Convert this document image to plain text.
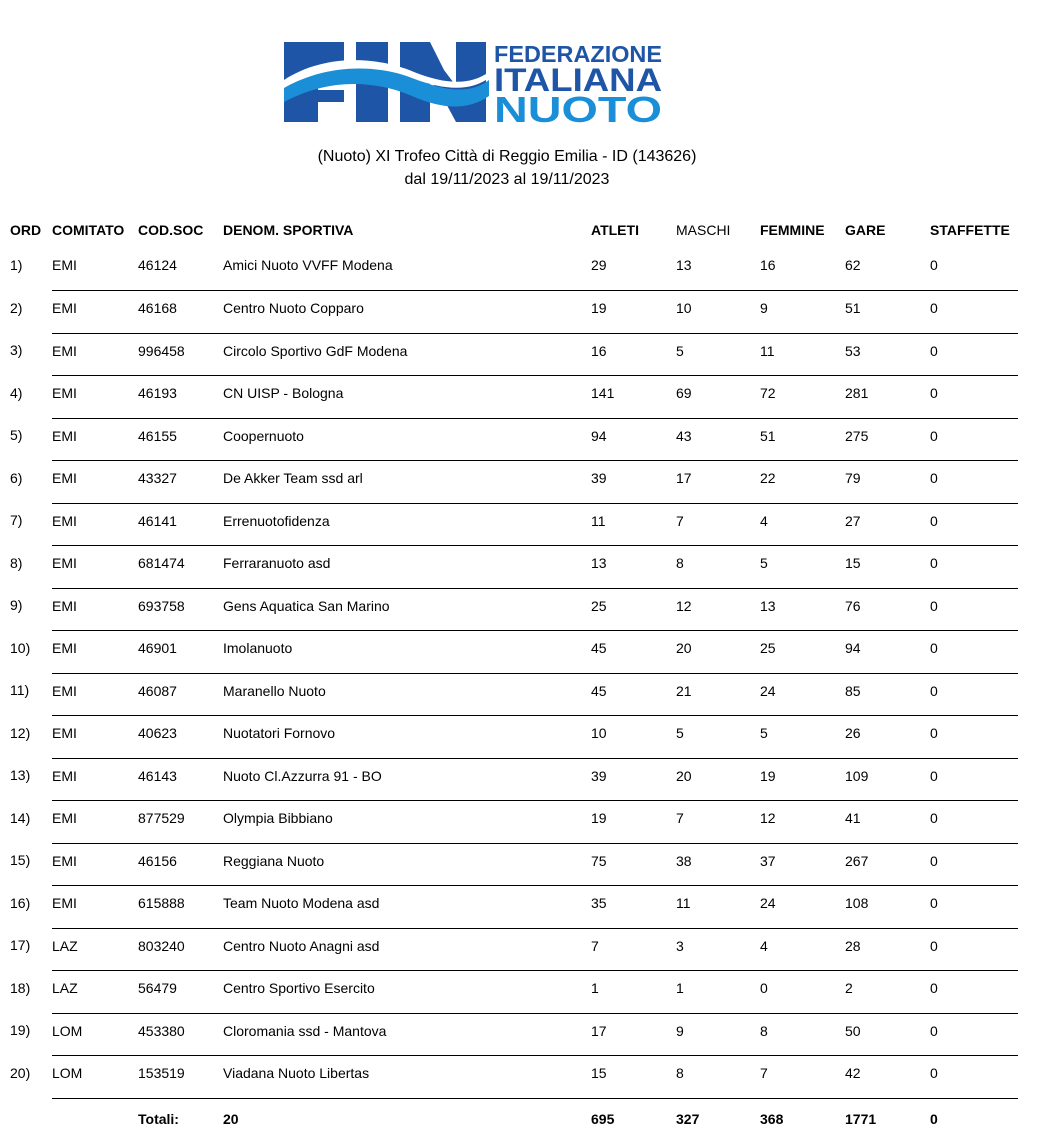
FEDERAZIONE
ITALIANA
NUOTO
(Nuoto) XI Trofeo Città di Reggio Emilia - ID (143626)
dal 19/11/2023 al 19/11/2023
ORD	COMITATO	COD.SOC	DENOM. SPORTIVA	ATLETI	MASCHI	FEMMINE	GARE	STAFFETTE
1)	EMI	46124	Amici Nuoto VVFF Modena	29	13	16	62	0
2)	EMI	46168	Centro Nuoto Copparo	19	10	9	51	0
3)	EMI	996458	Circolo Sportivo GdF Modena	16	5	11	53	0
4)	EMI	46193	CN UISP - Bologna	141	69	72	281	0
5)	EMI	46155	Coopernuoto	94	43	51	275	0
6)	EMI	43327	De Akker Team ssd arl	39	17	22	79	0
7)	EMI	46141	Errenuotofidenza	11	7	4	27	0
8)	EMI	681474	Ferraranuoto asd	13	8	5	15	0
9)	EMI	693758	Gens Aquatica San Marino	25	12	13	76	0
10)	EMI	46901	Imolanuoto	45	20	25	94	0
11)	EMI	46087	Maranello Nuoto	45	21	24	85	0
12)	EMI	40623	Nuotatori Fornovo	10	5	5	26	0
13)	EMI	46143	Nuoto Cl.Azzurra 91 - BO	39	20	19	109	0
14)	EMI	877529	Olympia Bibbiano	19	7	12	41	0
15)	EMI	46156	Reggiana Nuoto	75	38	37	267	0
16)	EMI	615888	Team Nuoto Modena asd	35	11	24	108	0
17)	LAZ	803240	Centro Nuoto Anagni asd	7	3	4	28	0
18)	LAZ	56479	Centro Sportivo Esercito	1	1	0	2	0
19)	LOM	453380	Cloromania ssd - Mantova	17	9	8	50	0
20)	LOM	153519	Viadana Nuoto Libertas	15	8	7	42	0
		Totali:	20	695	327	368	1771	0
